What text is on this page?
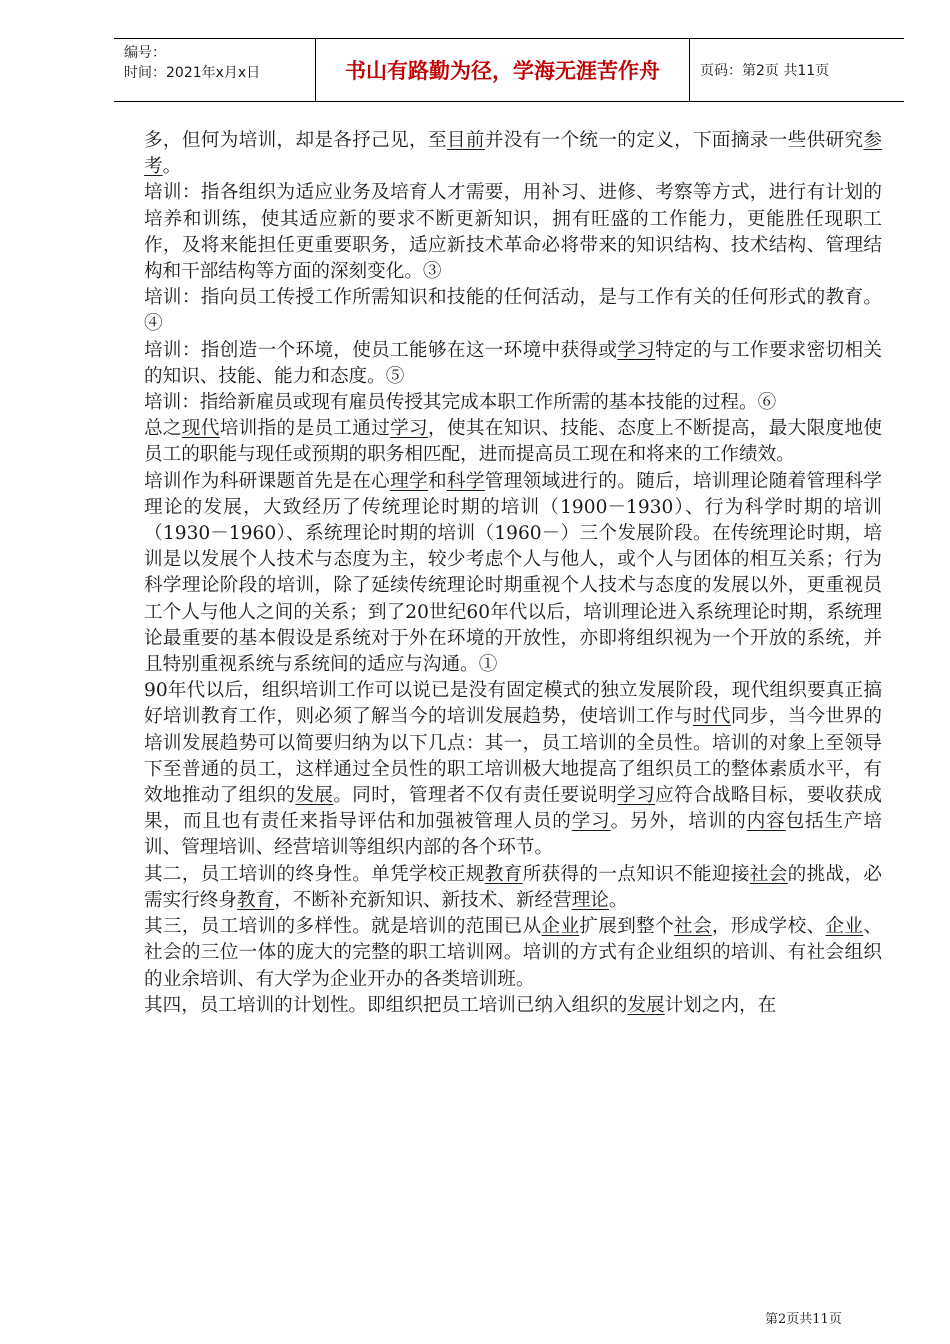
编号：
时间：2021年x月x日	书山有路勤为径，学海无涯苦作舟	页码：第2页 共11页

多，但何为培训，却是各抒己见，至目前并没有一个统一的定义，下面摘录一些供研究参考。

培训：指各组织为适应业务及培育人才需要，用补习、进修、考察等方式，进行有计划的培养和训练，使其适应新的要求不断更新知识，拥有旺盛的工作能力，更能胜任现职工作，及将来能担任更重要职务，适应新技术革命必将带来的知识结构、技术结构、管理结构和干部结构等方面的深刻变化。③

培训：指向员工传授工作所需知识和技能的任何活动，是与工作有关的任何形式的教育。④

培训：指创造一个环境，使员工能够在这一环境中获得或学习特定的与工作要求密切相关的知识、技能、能力和态度。⑤

培训：指给新雇员或现有雇员传授其完成本职工作所需的基本技能的过程。⑥

总之现代培训指的是员工通过学习，使其在知识、技能、态度上不断提高，最大限度地使员工的职能与现任或预期的职务相匹配，进而提高员工现在和将来的工作绩效。

培训作为科研课题首先是在心理学和科学管理领域进行的。随后，培训理论随着管理科学理论的发展，大致经历了传统理论时期的培训（1900－1930）、行为科学时期的培训（1930－1960）、系统理论时期的培训（1960－）三个发展阶段。在传统理论时期，培训是以发展个人技术与态度为主，较少考虑个人与他人，或个人与团体的相互关系；行为科学理论阶段的培训，除了延续传统理论时期重视个人技术与态度的发展以外，更重视员工个人与他人之间的关系；到了20世纪60年代以后，培训理论进入系统理论时期，系统理论最重要的基本假设是系统对于外在环境的开放性，亦即将组织视为一个开放的系统，并且特别重视系统与系统间的适应与沟通。①

90年代以后，组织培训工作可以说已是没有固定模式的独立发展阶段，现代组织要真正搞好培训教育工作，则必须了解当今的培训发展趋势，使培训工作与时代同步，当今世界的培训发展趋势可以简要归纳为以下几点：其一，员工培训的全员性。培训的对象上至领导下至普通的员工，这样通过全员性的职工培训极大地提高了组织员工的整体素质水平，有效地推动了组织的发展。同时，管理者不仅有责任要说明学习应符合战略目标，要收获成果，而且也有责任来指导评估和加强被管理人员的学习。另外，培训的内容包括生产培训、管理培训、经营培训等组织内部的各个环节。

其二，员工培训的终身性。单凭学校正规教育所获得的一点知识不能迎接社会的挑战，必需实行终身教育，不断补充新知识、新技术、新经营理论。

其三，员工培训的多样性。就是培训的范围已从企业扩展到整个社会，形成学校、企业、社会的三位一体的庞大的完整的职工培训网。培训的方式有企业组织的培训、有社会组织的业余培训、有大学为企业开办的各类培训班。

其四，员工培训的计划性。即组织把员工培训已纳入组织的发展计划之内，在

第2页共11页
